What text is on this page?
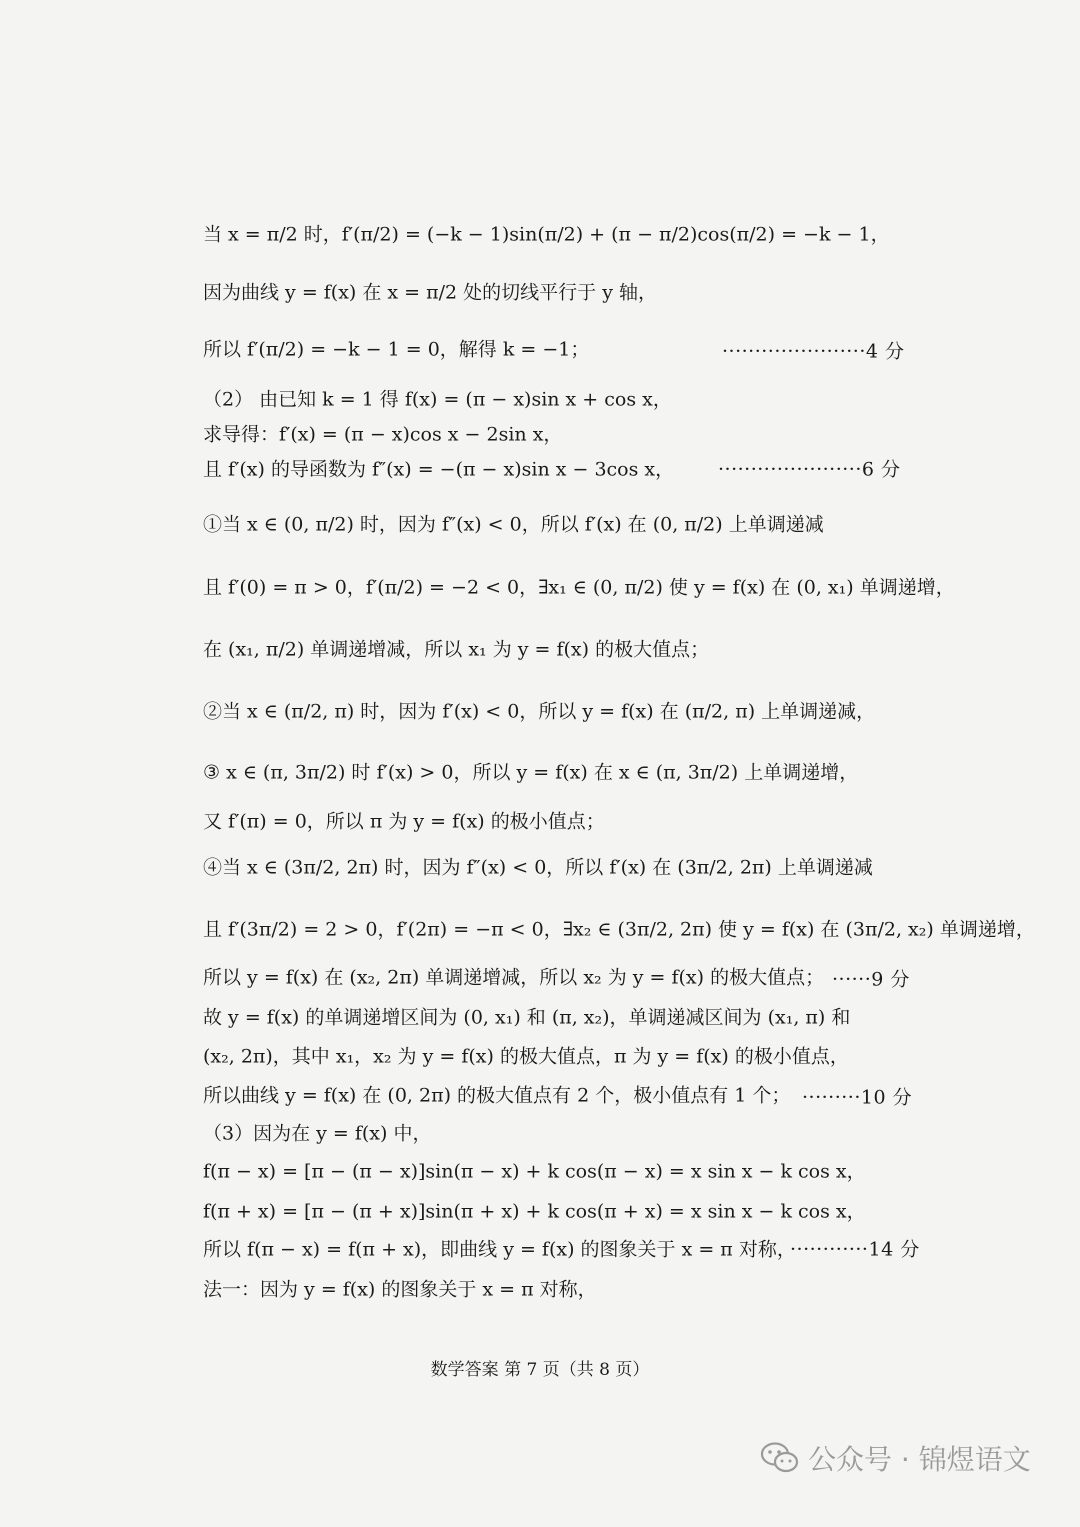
当 x = π/2 时，f′(π/2) = (−k − 1)sin(π/2) + (π − π/2)cos(π/2) = −k − 1，
因为曲线 y = f(x) 在 x = π/2 处的切线平行于 y 轴，
所以 f′(π/2) = −k − 1 = 0，解得 k = −1；	······················4 分
（2） 由已知 k = 1 得 f(x) = (π − x)sin x + cos x，
求导得：f′(x) = (π − x)cos x − 2sin x，
且 f′(x) 的导函数为 f″(x) = −(π − x)sin x − 3cos x， ······················6 分
①当 x ∈ (0, π/2) 时，因为 f″(x) < 0，所以 f′(x) 在 (0, π/2) 上单调递减
且 f′(0) = π > 0，f′(π/2) = −2 < 0，∃x₁ ∈ (0, π/2) 使 y = f(x) 在 (0, x₁) 单调递增，
在 (x₁, π/2) 单调递增减，所以 x₁ 为 y = f(x) 的极大值点；
②当 x ∈ (π/2, π) 时，因为 f′(x) < 0，所以 y = f(x) 在 (π/2, π) 上单调递减，
③ x ∈ (π, 3π/2) 时 f′(x) > 0，所以 y = f(x) 在 x ∈ (π, 3π/2) 上单调递增，
又 f′(π) = 0，所以 π 为 y = f(x) 的极小值点；
④当 x ∈ (3π/2, 2π) 时，因为 f″(x) < 0，所以 f′(x) 在 (3π/2, 2π) 上单调递减
且 f′(3π/2) = 2 > 0，f′(2π) = −π < 0，∃x₂ ∈ (3π/2, 2π) 使 y = f(x) 在 (3π/2, x₂) 单调递增，
所以 y = f(x) 在 (x₂, 2π) 单调递增减，所以 x₂ 为 y = f(x) 的极大值点； ······9 分
故 y = f(x) 的单调递增区间为 (0, x₁) 和 (π, x₂)，单调递减区间为 (x₁, π) 和
(x₂, 2π)，其中 x₁，x₂ 为 y = f(x) 的极大值点，π 为 y = f(x) 的极小值点，
所以曲线 y = f(x) 在 (0, 2π) 的极大值点有 2 个，极小值点有 1 个； ·········10 分
（3）因为在 y = f(x) 中，
f(π − x) = [π − (π − x)]sin(π − x) + k cos(π − x) = x sin x − k cos x，
f(π + x) = [π − (π + x)]sin(π + x) + k cos(π + x) = x sin x − k cos x，
所以 f(π − x) = f(π + x)，即曲线 y = f(x) 的图象关于 x = π 对称，
············14 分
法一：因为 y = f(x) 的图象关于 x = π 对称，
数学答案 第 7 页（共 8 页）
公众号 · 锦煜语文
